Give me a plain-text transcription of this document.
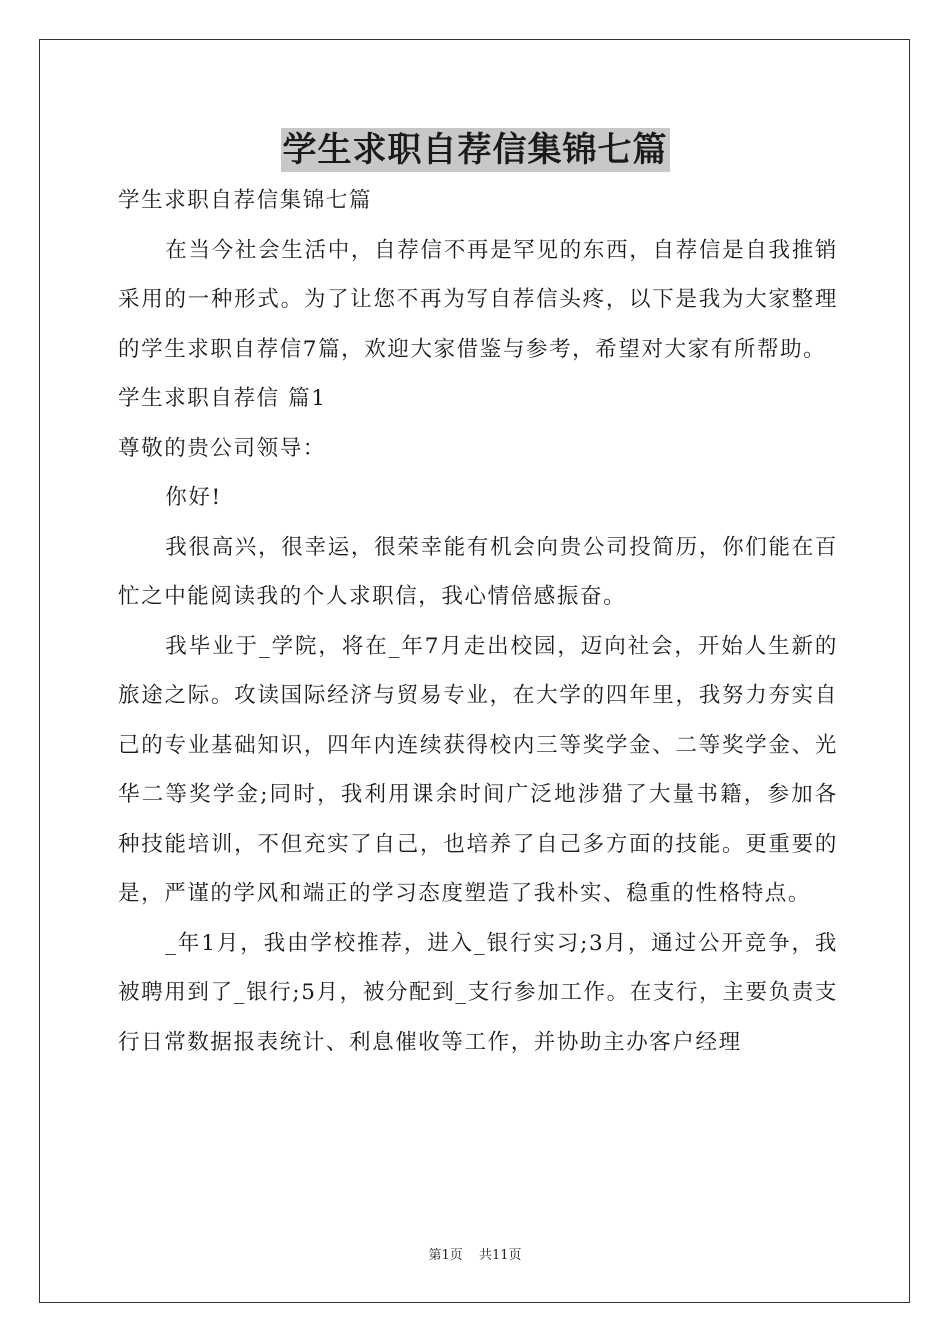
学生求职自荐信集锦七篇

学生求职自荐信集锦七篇

在当今社会生活中，自荐信不再是罕见的东西，自荐信是自我推销采用的一种形式。为了让您不再为写自荐信头疼，以下是我为大家整理的学生求职自荐信7篇，欢迎大家借鉴与参考，希望对大家有所帮助。

学生求职自荐信 篇1

尊敬的贵公司领导：

你好!

我很高兴，很幸运，很荣幸能有机会向贵公司投简历，你们能在百忙之中能阅读我的个人求职信，我心情倍感振奋。

我毕业于_学院，将在_年7月走出校园，迈向社会，开始人生新的旅途之际。攻读国际经济与贸易专业，在大学的四年里，我努力夯实自己的专业基础知识，四年内连续获得校内三等奖学金、二等奖学金、光华二等奖学金;同时，我利用课余时间广泛地涉猎了大量书籍，参加各种技能培训，不但充实了自己，也培养了自己多方面的技能。更重要的是，严谨的学风和端正的学习态度塑造了我朴实、稳重的性格特点。

_年1月，我由学校推荐，进入_银行实习;3月，通过公开竞争，我被聘用到了_银行;5月，被分配到_支行参加工作。在支行，主要负责支行日常数据报表统计、利息催收等工作，并协助主办客户经理

第1页 共11页
